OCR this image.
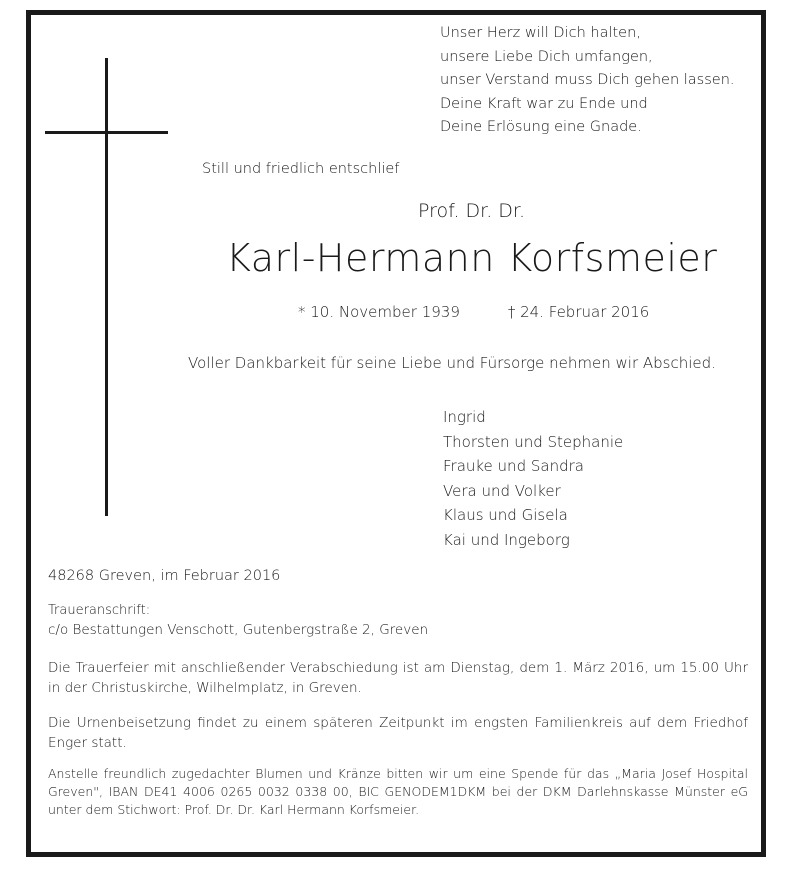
Unser Herz will Dich halten,
unsere Liebe Dich umfangen,
unser Verstand muss Dich gehen lassen.
Deine Kraft war zu Ende und
Deine Erlösung eine Gnade.
Still und friedlich entschlief
Prof. Dr. Dr.
Karl-Hermann Korfsmeier
* 10. November 1939	† 24. Februar 2016
Voller Dankbarkeit für seine Liebe und Fürsorge nehmen wir Abschied.
Ingrid
Thorsten und Stephanie
Frauke und Sandra
Vera und Volker
Klaus und Gisela
Kai und Ingeborg
48268 Greven, im Februar 2016
Traueranschrift:
c/o Bestattungen Venschott, Gutenbergstraße 2, Greven
Die Trauerfeier mit anschließender Verabschiedung ist am Dienstag, dem 1. März 2016, um 15.00 Uhr in der Christuskirche, Wilhelmplatz, in Greven.
Die Urnenbeisetzung findet zu einem späteren Zeitpunkt im engsten Familienkreis auf dem Friedhof Enger statt.
Anstelle freundlich zugedachter Blumen und Kränze bitten wir um eine Spende für das „Maria Josef Hospital Greven", IBAN DE41 4006 0265 0032 0338 00, BIC GENODEM1DKM bei der DKM Darlehnskasse Münster eG unter dem Stichwort: Prof. Dr. Dr. Karl Hermann Korfsmeier.
